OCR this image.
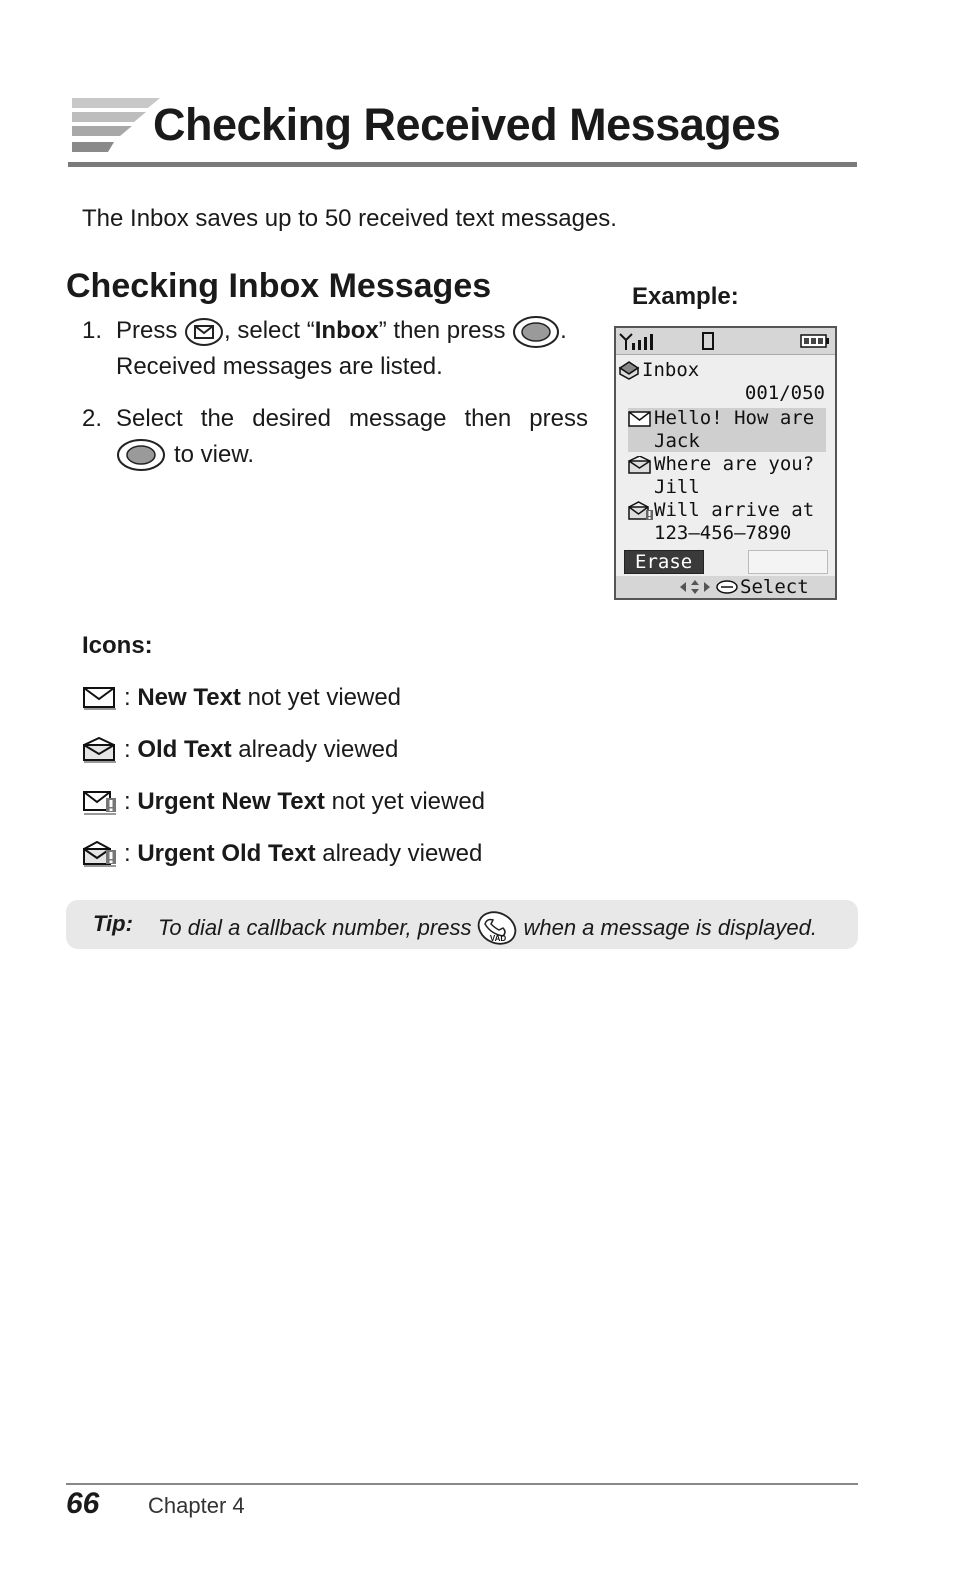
Checking Received Messages
The Inbox saves up to 50 received text messages.
Checking Inbox Messages
1. Press , select “Inbox” then press .
Received messages are listed.
2. Select the desired message then press
to view.
Example:
Inbox
001/050
Hello! How are
Jack
Where are you?
Jill
Will arrive at
123—456—7890
Erase
Select
Icons:
:
New Text
not yet viewed
:
Old Text
already viewed
:
Urgent New Text
not yet viewed
:
Urgent Old Text
already viewed
Tip: To dial a callback number, press VAD when a message is displayed.
66 Chapter 4
